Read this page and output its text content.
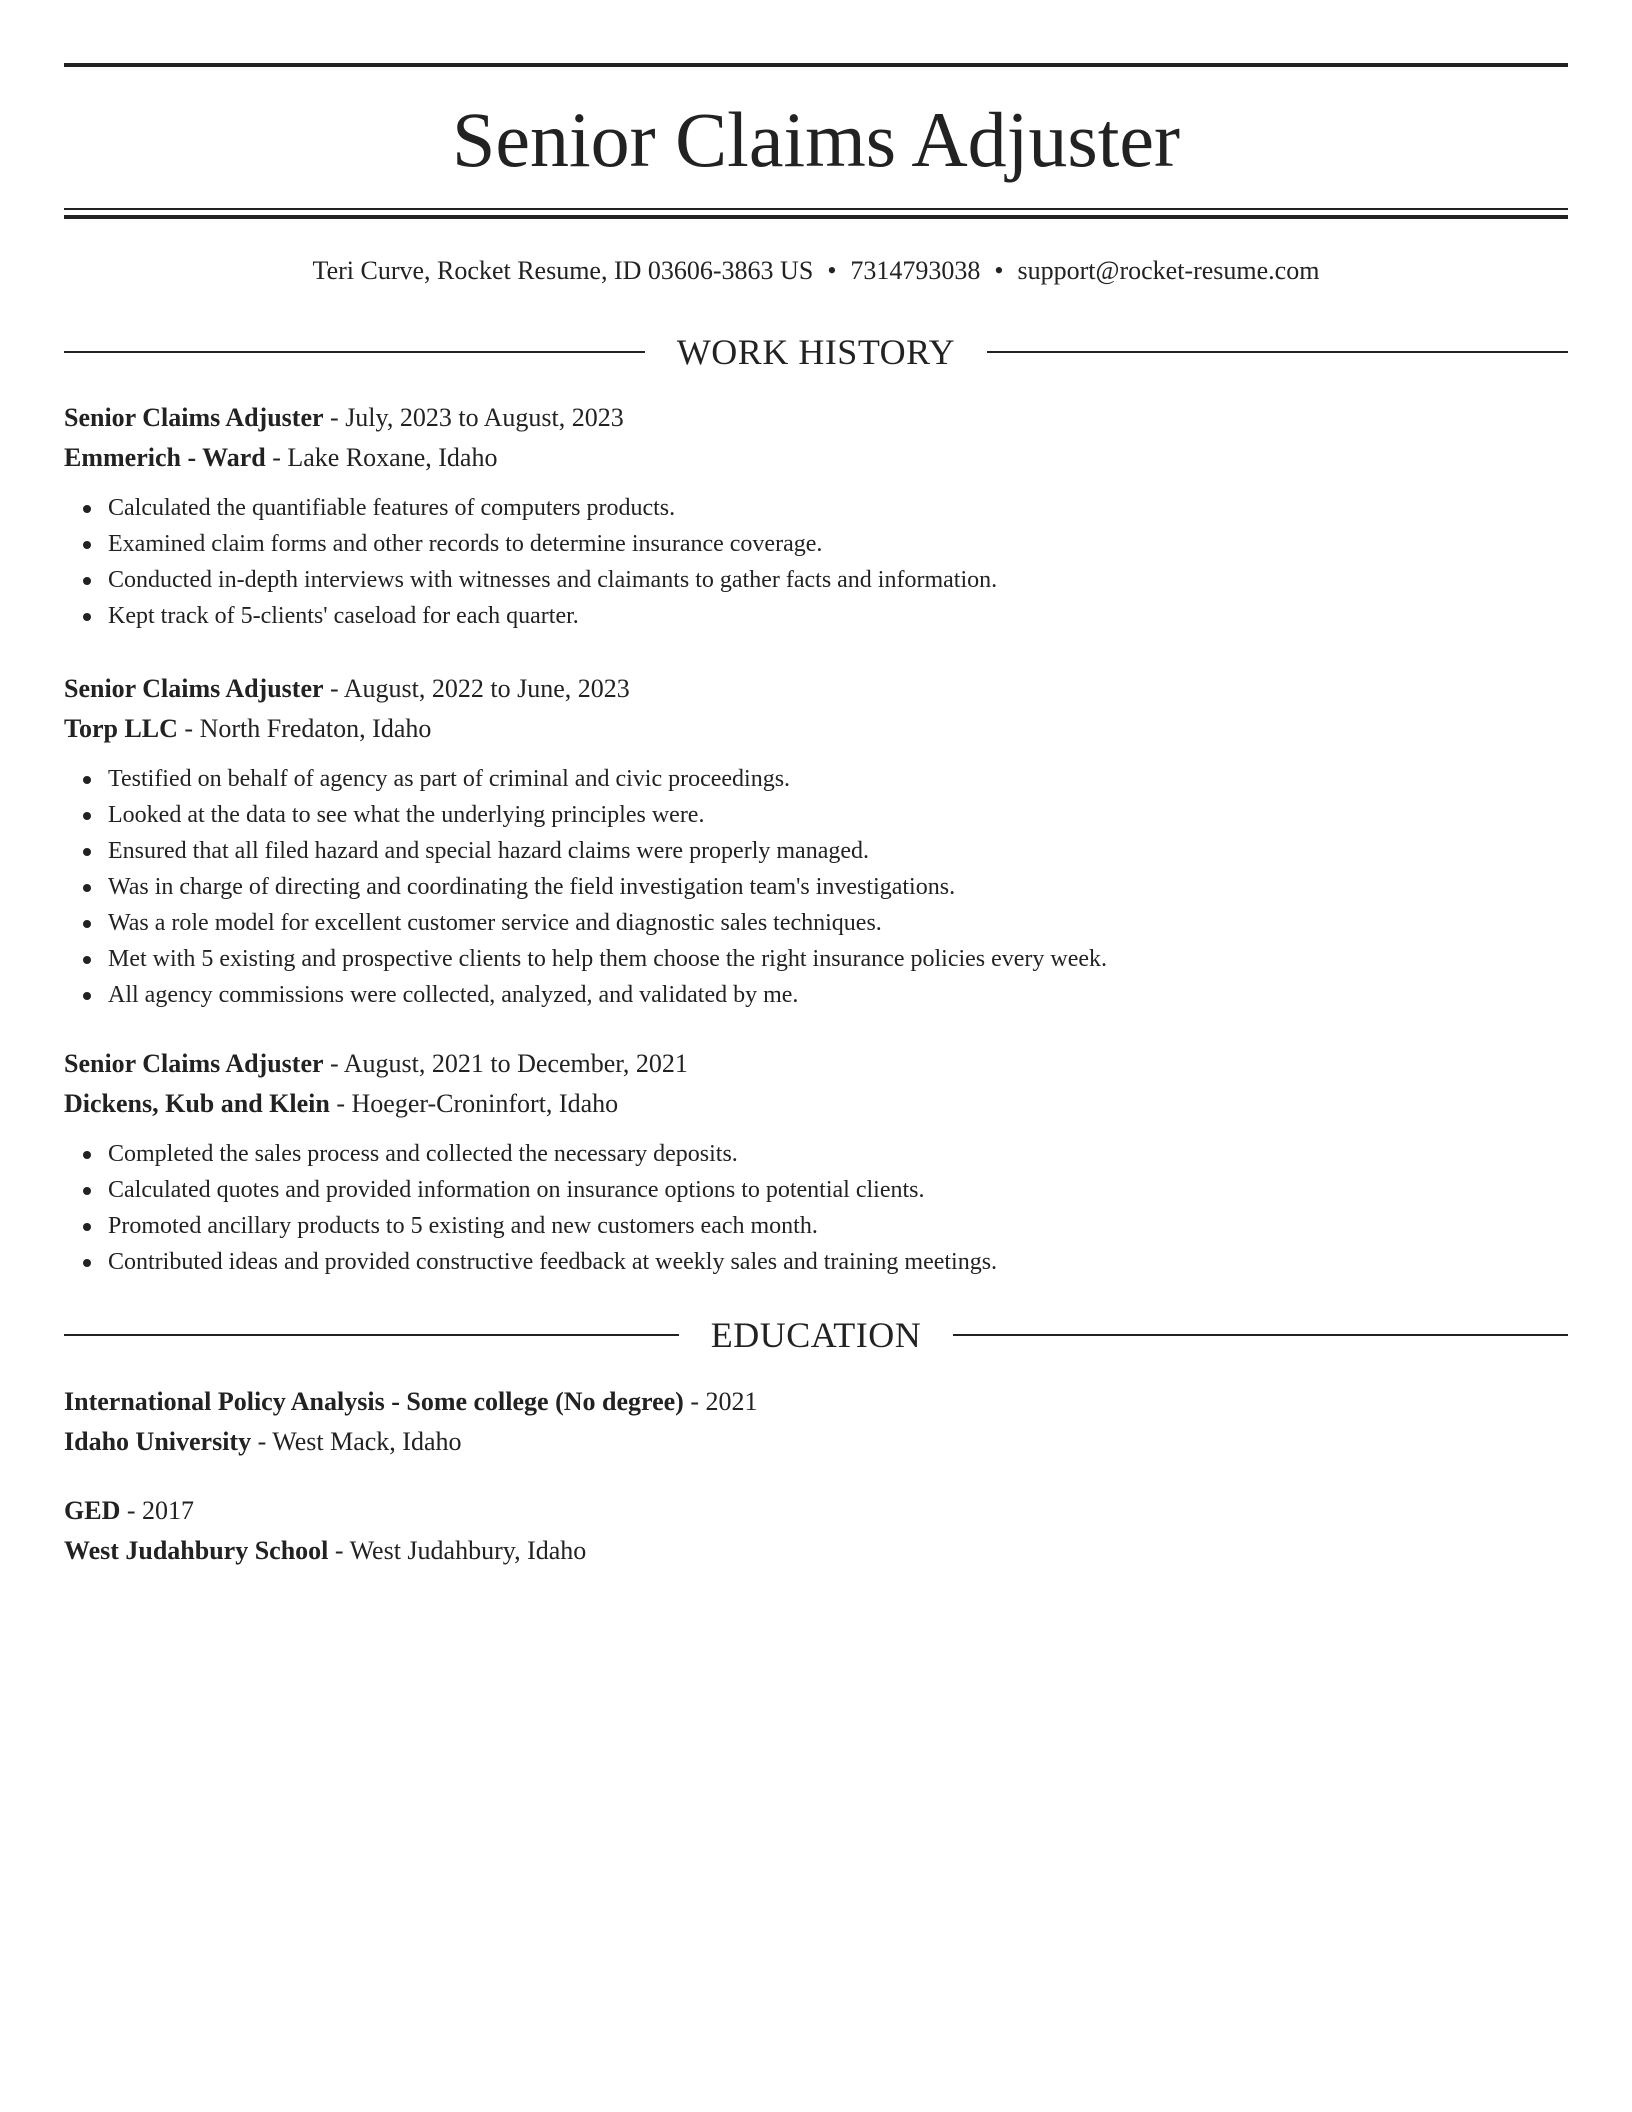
Senior Claims Adjuster
Teri Curve, Rocket Resume, ID 03606-3863 US • 7314793038 • support@rocket-resume.com
WORK HISTORY
Senior Claims Adjuster - July, 2023 to August, 2023
Emmerich - Ward - Lake Roxane, Idaho
Calculated the quantifiable features of computers products.
Examined claim forms and other records to determine insurance coverage.
Conducted in-depth interviews with witnesses and claimants to gather facts and information.
Kept track of 5-clients' caseload for each quarter.
Senior Claims Adjuster - August, 2022 to June, 2023
Torp LLC - North Fredaton, Idaho
Testified on behalf of agency as part of criminal and civic proceedings.
Looked at the data to see what the underlying principles were.
Ensured that all filed hazard and special hazard claims were properly managed.
Was in charge of directing and coordinating the field investigation team's investigations.
Was a role model for excellent customer service and diagnostic sales techniques.
Met with 5 existing and prospective clients to help them choose the right insurance policies every week.
All agency commissions were collected, analyzed, and validated by me.
Senior Claims Adjuster - August, 2021 to December, 2021
Dickens, Kub and Klein - Hoeger-Croninfort, Idaho
Completed the sales process and collected the necessary deposits.
Calculated quotes and provided information on insurance options to potential clients.
Promoted ancillary products to 5 existing and new customers each month.
Contributed ideas and provided constructive feedback at weekly sales and training meetings.
EDUCATION
International Policy Analysis - Some college (No degree) - 2021
Idaho University - West Mack, Idaho
GED - 2017
West Judahbury School - West Judahbury, Idaho
